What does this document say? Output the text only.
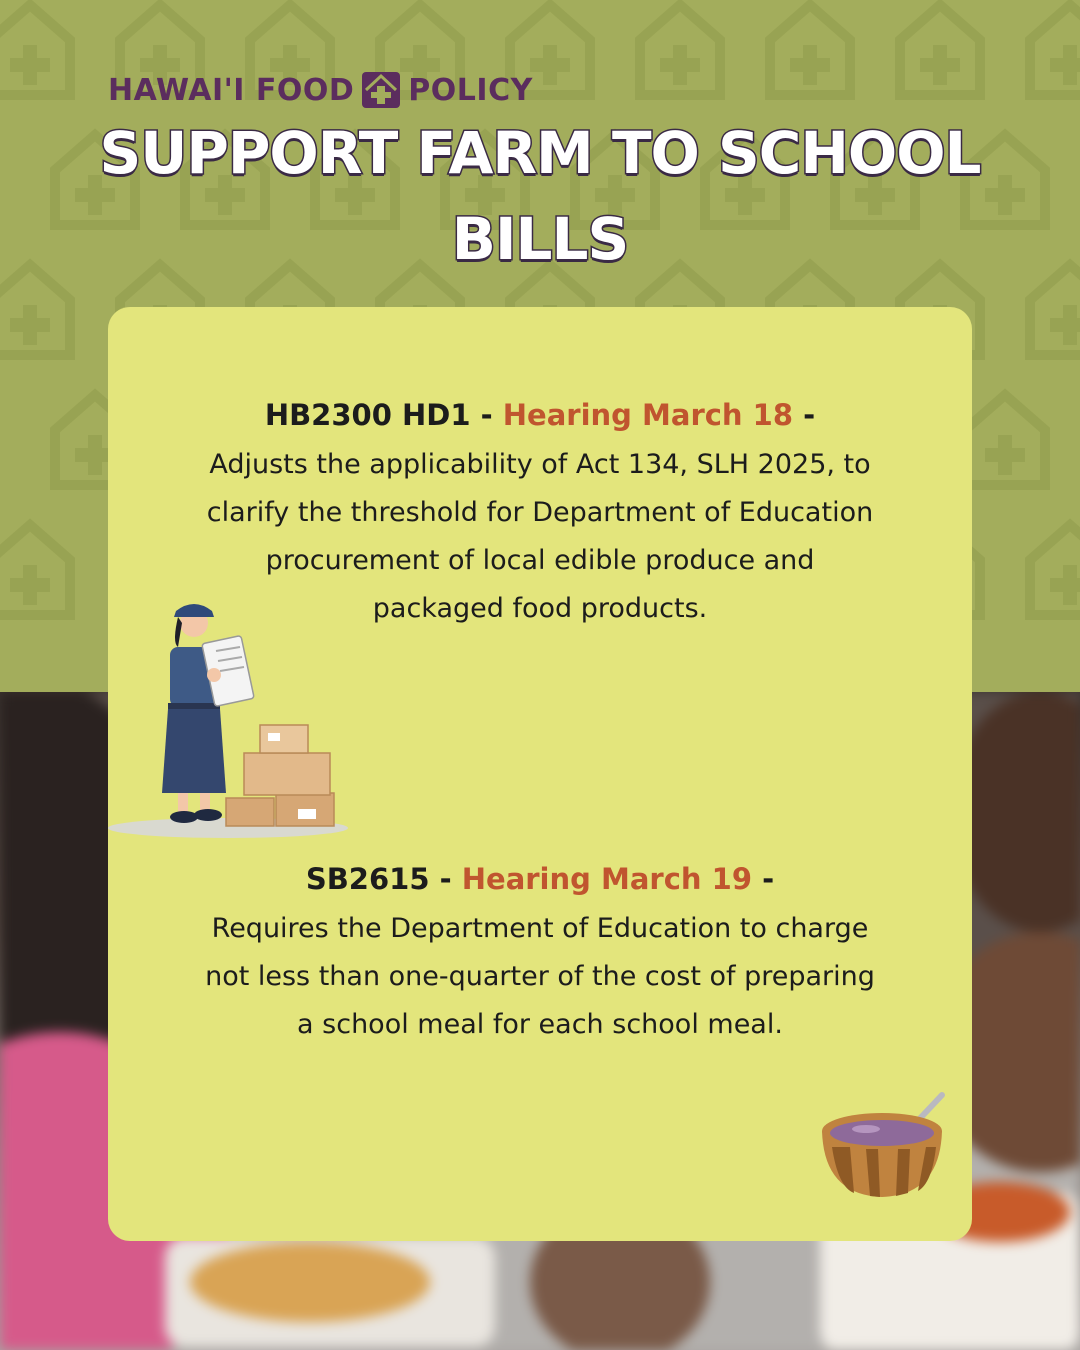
HAWAI'I FOOD POLICY
SUPPORT FARM TO SCHOOL
BILLS
HB2300 HD1 - Hearing March 18 -
Adjusts the applicability of Act 134, SLH 2025, to clarify the threshold for Department of Education procurement of local edible produce and packaged food products.
SB2615 - Hearing March 19 -
Requires the Department of Education to charge not less than one-quarter of the cost of preparing a school meal for each school meal.
